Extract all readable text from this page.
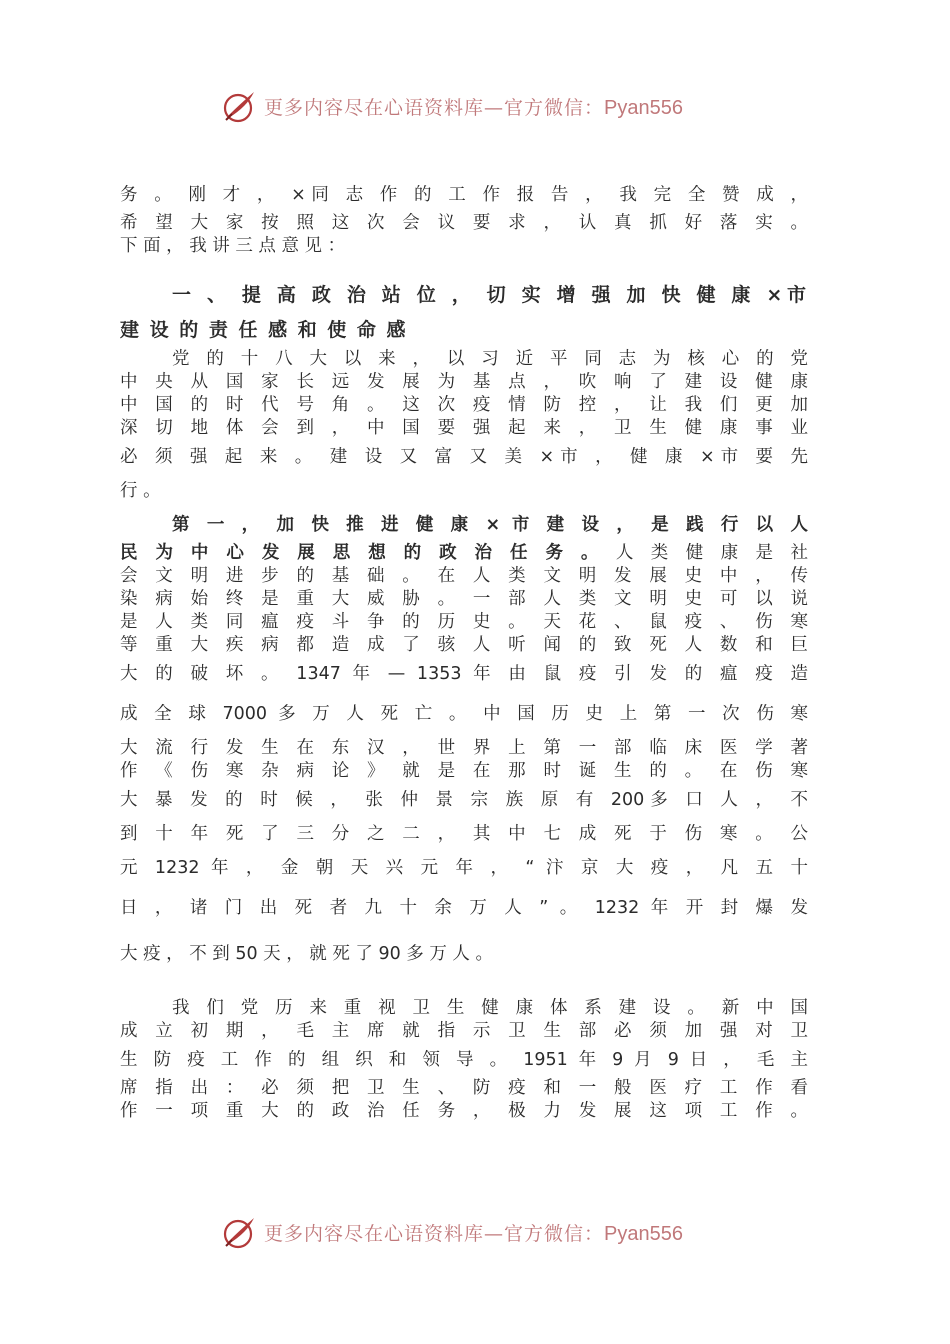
更多内容尽在心语资料库—官方微信：Pyan556
务 。 刚 才 ， ×同 志 作 的 工 作 报 告 ， 我 完 全 赞 成 ，
希 望 大 家 按 照 这 次 会 议 要 求 ， 认 真 抓 好 落 实 。
下 面 ， 我 讲 三 点 意 见 ：
一 、 提 高 政 治 站 位 ， 切 实 增 强 加 快 健 康 ×市
建 设 的 责 任 感 和 使 命 感
党 的 十 八 大 以 来 ， 以 习 近 平 同 志 为 核 心 的 党
中 央 从 国 家 长 远 发 展 为 基 点 ， 吹 响 了 建 设 健 康
中 国 的 时 代 号 角 。 这 次 疫 情 防 控 ， 让 我 们 更 加
深 切 地 体 会 到 ， 中 国 要 强 起 来 ， 卫 生 健 康 事 业
必 须 强 起 来 。 建 设 又 富 又 美 ×市 ， 健 康 ×市 要 先
行 。
第 一 ， 加 快 推 进 健 康 × 市 建 设 ， 是 践 行 以 人
民 为 中 心 发 展 思 想 的 政 治 任 务 。 人 类 健 康 是 社
会 文 明 进 步 的 基 础 。 在 人 类 文 明 发 展 史 中 ， 传
染 病 始 终 是 重 大 威 胁 。 一 部 人 类 文 明 史 可 以 说
是 人 类 同 瘟 疫 斗 争 的 历 史 。 天 花 、 鼠 疫 、 伤 寒
等 重 大 疾 病 都 造 成 了 骇 人 听 闻 的 致 死 人 数 和 巨
大 的 破 坏 。 1347 年 — 1353 年 由 鼠 疫 引 发 的 瘟 疫 造
成 全 球 7000 多 万 人 死 亡 。 中 国 历 史 上 第 一 次 伤 寒
大 流 行 发 生 在 东 汉 ， 世 界 上 第 一 部 临 床 医 学 著
作 《 伤 寒 杂 病 论 》 就 是 在 那 时 诞 生 的 。 在 伤 寒
大 暴 发 的 时 候 ， 张 仲 景 宗 族 原 有 200多 口 人 ， 不
到 十 年 死 了 三 分 之 二 ， 其 中 七 成 死 于 伤 寒 。 公
元 1232 年 ， 金 朝 天 兴 元 年 ， “ 汴 京 大 疫 ， 凡 五 十
日 ， 诸 门 出 死 者 九 十 余 万 人 ” 。 1232 年 开 封 爆 发
大 疫 ， 不 到 50 天 ， 就 死 了 90 多 万 人 。
我 们 党 历 来 重 视 卫 生 健 康 体 系 建 设 。 新 中 国
成 立 初 期 ， 毛 主 席 就 指 示 卫 生 部 必 须 加 强 对 卫
生 防 疫 工 作 的 组 织 和 领 导 。 1951 年 9 月 9 日 ， 毛 主
席 指 出 ： 必 须 把 卫 生 、 防 疫 和 一 般 医 疗 工 作 看
作 一 项 重 大 的 政 治 任 务 ， 极 力 发 展 这 项 工 作 。
更多内容尽在心语资料库—官方微信：Pyan556
